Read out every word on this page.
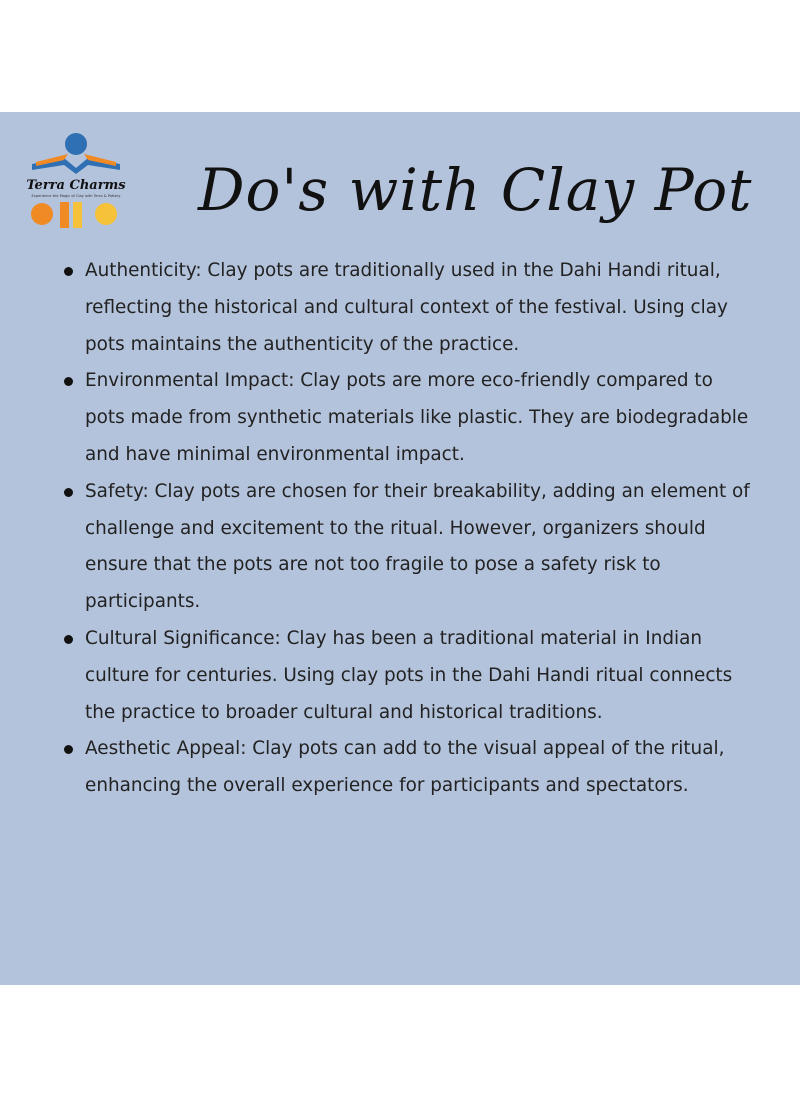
Terra Charms
Experience the Magic of Clay with Terra & Pottery Do's with Clay Pot
Authenticity: Clay pots are traditionally used in the Dahi Handi ritual, reflecting the historical and cultural context of the festival. Using clay pots maintains the authenticity of the practice.
Environmental Impact: Clay pots are more eco-friendly compared to pots made from synthetic materials like plastic. They are biodegradable and have minimal environmental impact.
Safety: Clay pots are chosen for their breakability, adding an element of challenge and excitement to the ritual. However, organizers should ensure that the pots are not too fragile to pose a safety risk to participants.
Cultural Significance: Clay has been a traditional material in Indian culture for centuries. Using clay pots in the Dahi Handi ritual connects the practice to broader cultural and historical traditions.
Aesthetic Appeal: Clay pots can add to the visual appeal of the ritual, enhancing the overall experience for participants and spectators.
